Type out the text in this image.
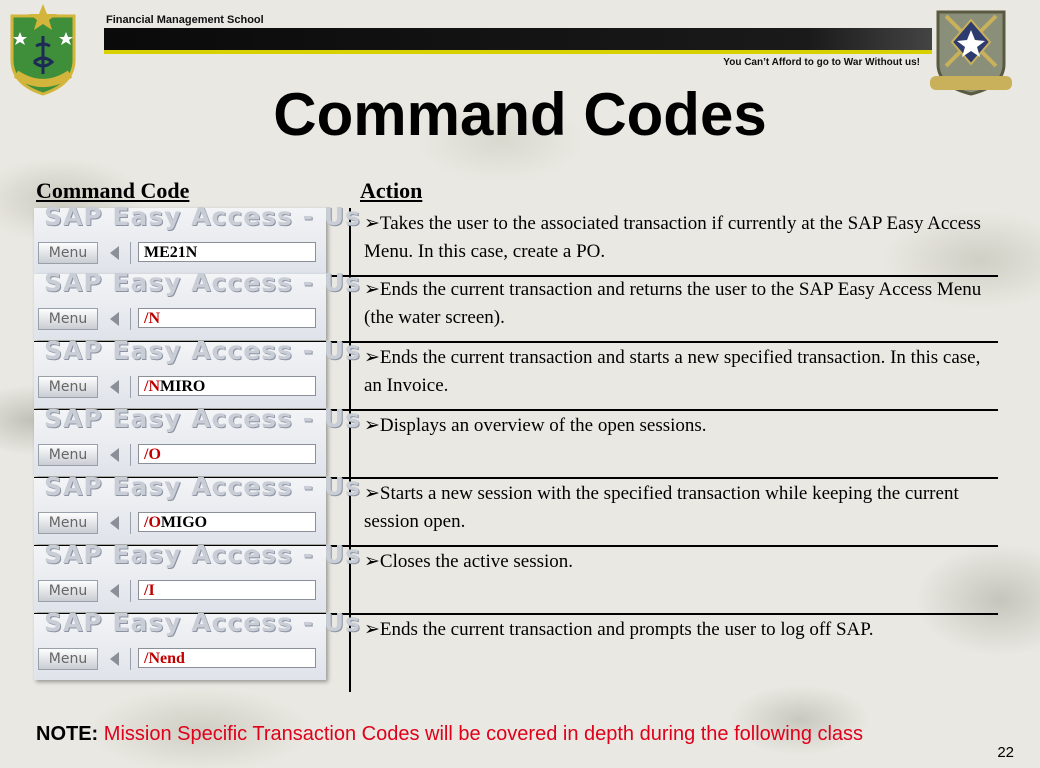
Financial Management School
You Can’t Afford to go to War Without us!
Command Codes
Command Code	Action
SAP Easy Access - Us
Menu	ME21N
➢Takes the user to the associated transaction if currently at the SAP Easy Access Menu. In this case, create a PO.
SAP Easy Access - Us
Menu	/N
➢Ends the current transaction and returns the user to the SAP Easy Access Menu (the water screen).
SAP Easy Access - Us
Menu	/NMIRO
➢Ends the current transaction and starts a new specified transaction. In this case, an Invoice.
SAP Easy Access - Us
Menu	/O
➢Displays an overview of the open sessions.
SAP Easy Access - Us
Menu	/OMIGO
➢Starts a new session with the specified transaction while keeping the current session open.
SAP Easy Access - Us
Menu	/I
➢Closes the active session.
SAP Easy Access - Us
Menu	/Nend
➢Ends the current transaction and prompts the user to log off SAP.
NOTE: Mission Specific Transaction Codes will be covered in depth during the following class
22
